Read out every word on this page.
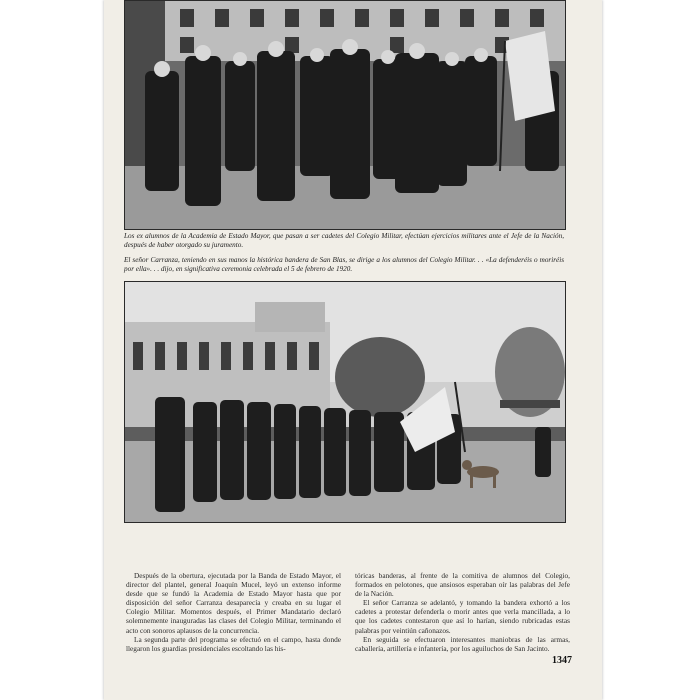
Los ex alumnos de la Academia de Estado Mayor, que pasan a ser cadetes del Colegio Militar, efectúan ejercicios militares ante el Jefe de la Nación, después de haber otorgado su juramento.
El señor Carranza, teniendo en sus manos la histórica bandera de San Blas, se dirige a los alumnos del Colegio Militar. . . «La defenderéis o moriréis por ella». . . dijo, en significativa ceremonia celebrada el 5 de febrero de 1920.

Después de la obertura, ejecutada por la Banda de Estado Mayor, el director del plantel, general Joaquín Mucel, leyó un extenso informe desde que se fundó la Academia de Estado Mayor hasta que por disposición del señor Carranza desaparecía y creaba en su lugar el Colegio Militar. Momentos después, el Primer Mandatario declaró solemnemente inauguradas las clases del Colegio Militar, terminando el acto con sonoros aplausos de la concurrencia.

La segunda parte del programa se efectuó en el campo, hasta donde llegaron los guardias presidenciales escoltando las his-

tóricas banderas, al frente de la comitiva de alumnos del Colegio, formados en pelotones, que ansiosos esperaban oír las palabras del Jefe de la Nación.

El señor Carranza se adelantó, y tomando la bandera exhortó a los cadetes a protestar defenderla o morir antes que verla mancillada, a lo que los cadetes contestaron que así lo harían, siendo rubricadas estas palabras por veintiún cañonazos.

En seguida se efectuaron interesantes maniobras de las armas, caballería, artillería e infantería, por los aguiluchos de San Jacinto.

1347
